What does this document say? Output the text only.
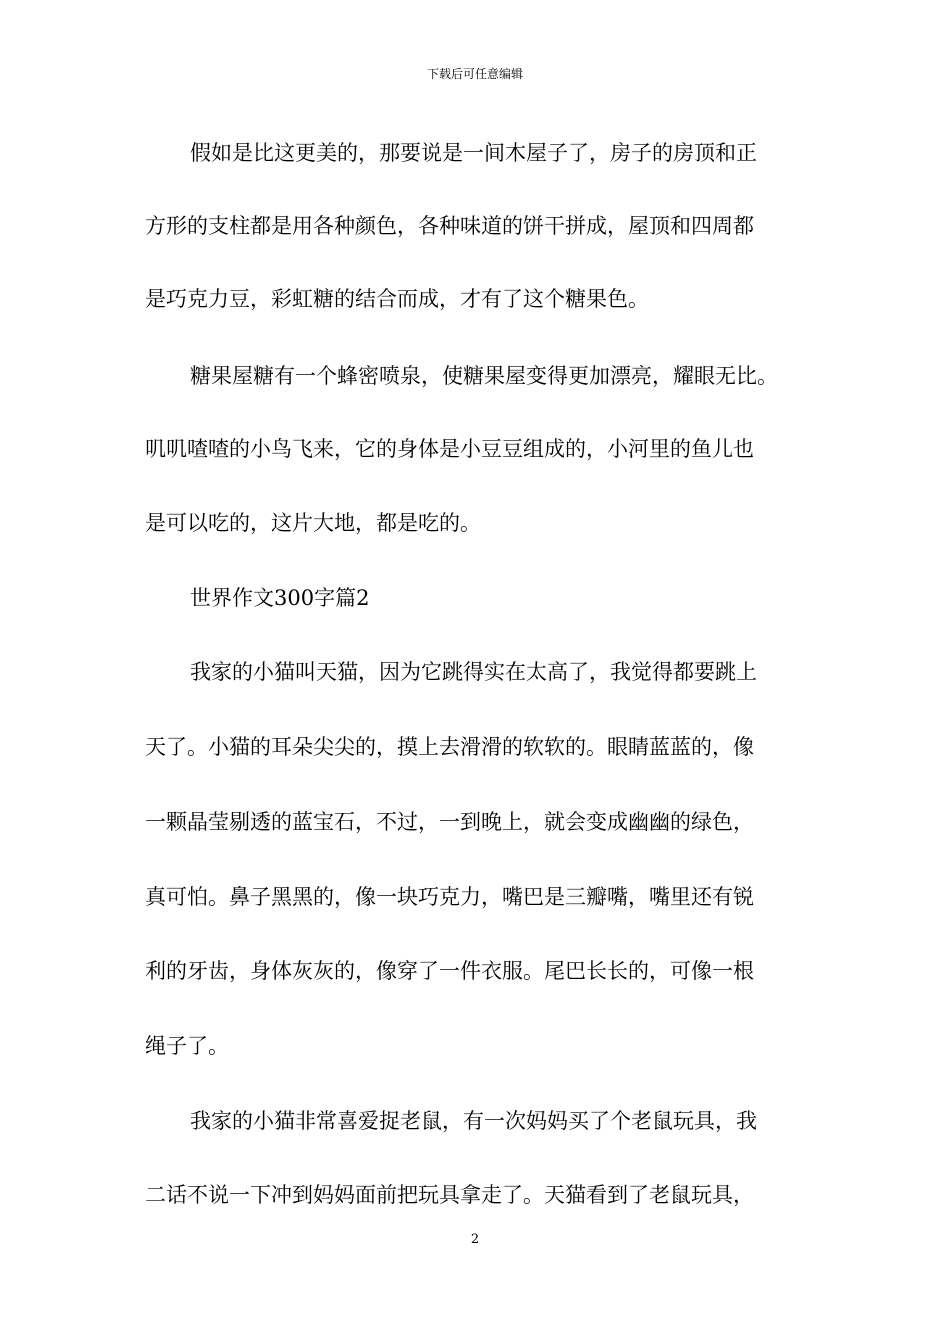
下载后可任意编辑
假如是比这更美的，那要说是一间木屋子了，房子的房顶和正
方形的支柱都是用各种颜色，各种味道的饼干拼成，屋顶和四周都
是巧克力豆，彩虹糖的结合而成，才有了这个糖果色。
糖果屋糖有一个蜂密喷泉，使糖果屋变得更加漂亮，耀眼无比。
叽叽喳喳的小鸟飞来，它的身体是小豆豆组成的，小河里的鱼儿也
是可以吃的，这片大地，都是吃的。
世界作文300字篇2
我家的小猫叫天猫，因为它跳得实在太高了，我觉得都要跳上
天了。小猫的耳朵尖尖的，摸上去滑滑的软软的。眼睛蓝蓝的，像
一颗晶莹剔透的蓝宝石，不过，一到晚上，就会变成幽幽的绿色，
真可怕。鼻子黑黑的，像一块巧克力，嘴巴是三瓣嘴，嘴里还有锐
利的牙齿，身体灰灰的，像穿了一件衣服。尾巴长长的，可像一根
绳子了。
我家的小猫非常喜爱捉老鼠，有一次妈妈买了个老鼠玩具，我
二话不说一下冲到妈妈面前把玩具拿走了。天猫看到了老鼠玩具，
2
